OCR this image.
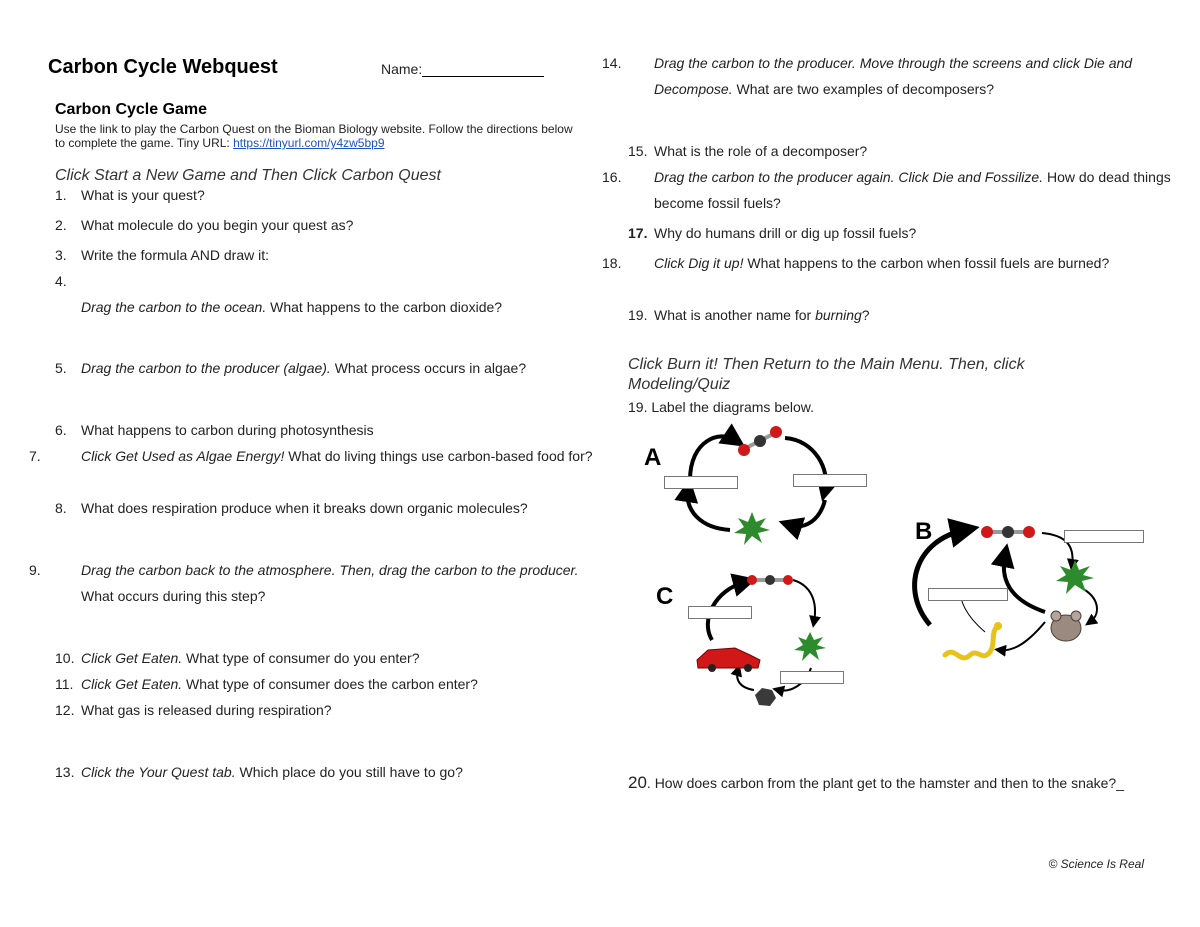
Carbon Cycle Webquest	Name:
Carbon Cycle Game
Use the link to play the Carbon Quest on the Bioman Biology website. Follow the directions below to complete the game. Tiny URL: https://tinyurl.com/y4zw5bp9
Click Start a New Game and Then Click Carbon Quest
1. What is your quest?
2. What molecule do you begin your quest as?
3. Write the formula AND draw it:
4.
Drag the carbon to the ocean. What happens to the carbon dioxide?
5. Drag the carbon to the producer (algae). What process occurs in algae?
6. What happens to carbon during photosynthesis
7.	Click Get Used as Algae Energy! What do living things use carbon-based food for?
8. What does respiration produce when it breaks down organic molecules?
9.	Drag the carbon back to the atmosphere. Then, drag the carbon to the producer. What occurs during this step?
10. Click Get Eaten. What type of consumer do you enter?
11. Click Get Eaten. What type of consumer does the carbon enter?
12. What gas is released during respiration?
13. Click the Your Quest tab. Which place do you still have to go?
14. Drag the carbon to the producer. Move through the screens and click Die and Decompose. What are two examples of decomposers?
15. What is the role of a decomposer?
16. Drag the carbon to the producer again. Click Die and Fossilize. How do dead things become fossil fuels?
17. Why do humans drill or dig up fossil fuels?
18. Click Dig it up! What happens to the carbon when fossil fuels are burned?
19. What is another name for burning?
Click Burn it! Then Return to the Main Menu. Then, click Modeling/Quiz
19. Label the diagrams below.
A
B
C
20. How does carbon from the plant get to the hamster and then to the snake?_
© Science Is Real
